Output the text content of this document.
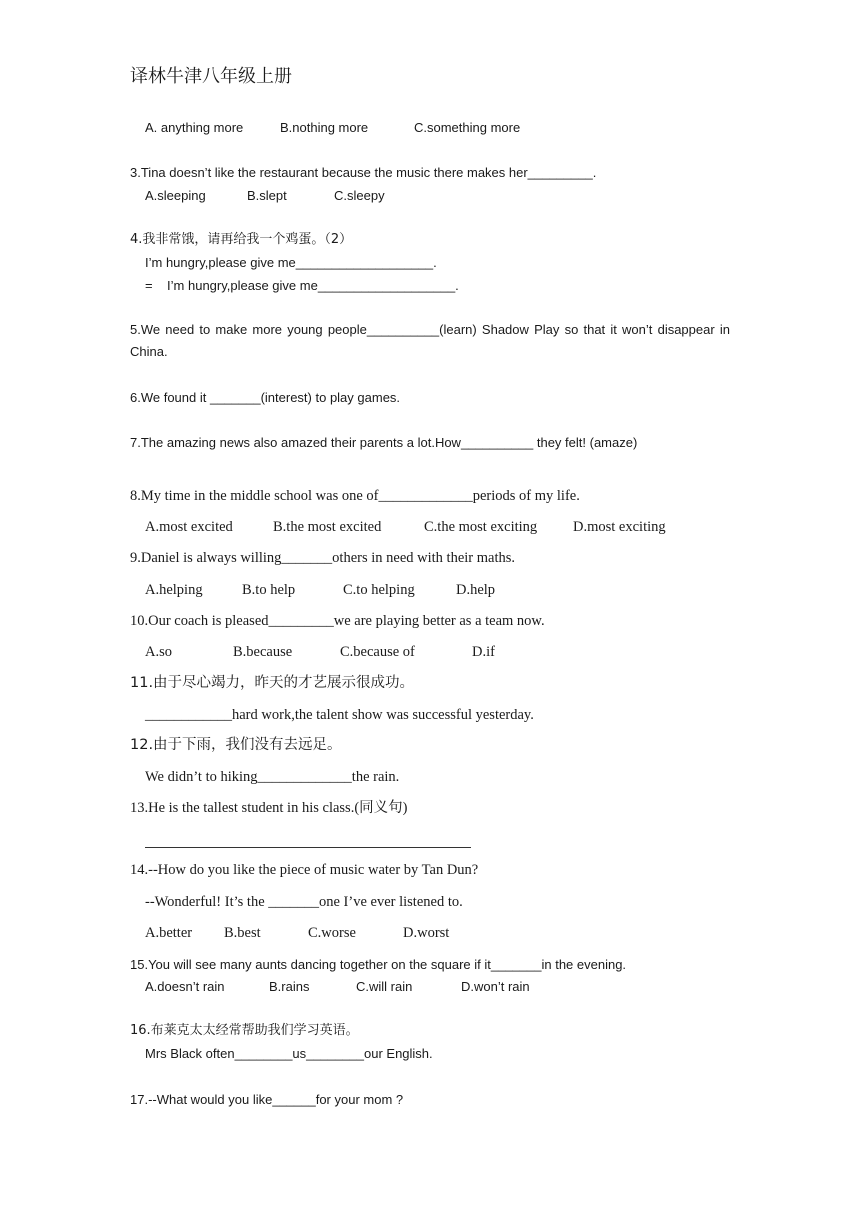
译林牛津八年级上册
A. anything more	B.nothing more	C.something more
3.Tina doesn’t like the restaurant because the music there makes her_________.
A.sleeping	B.slept	C.sleepy
4.我非常饿，请再给我一个鸡蛋。（2）
I’m hungry,please give me___________________.
=    I’m hungry,please give me___________________.
5.We need to make more young people__________(learn) Shadow Play so that it won’t disappear in China.
6.We found it _______(interest) to play games.
7.The amazing news also amazed their parents a lot.How__________ they felt! (amaze)
8.My time in the middle school was one of_____________periods of my life.
A.most excited	B.the most excited	C.the most exciting D.most exciting
9.Daniel is always willing_______others in need with their maths.
A.helping	B.to help	C.to helping	D.help
10.Our coach is pleased_________we are playing better as a team now.
A.so	B.because	C.because of	D.if
11.由于尽心竭力，昨天的才艺展示很成功。
____________hard work,the talent show was successful yesterday.
12.由于下雨，我们没有去远足。
We didn’t to hiking_____________the rain.
13.He is the tallest student in his class.(同义句)
14.--How do you like the piece of music water by Tan Dun?
--Wonderful! It’s the _______one I’ve ever listened to.
A.better B.best	C.worse	D.worst
15.You will see many aunts dancing together on the square if it_______in the evening.
A.doesn’t rain	B.rains	C.will rain	D.won’t rain
16.布莱克太太经常帮助我们学习英语。
Mrs Black often________us________our English.
17.--What would you like______for your mom ?
